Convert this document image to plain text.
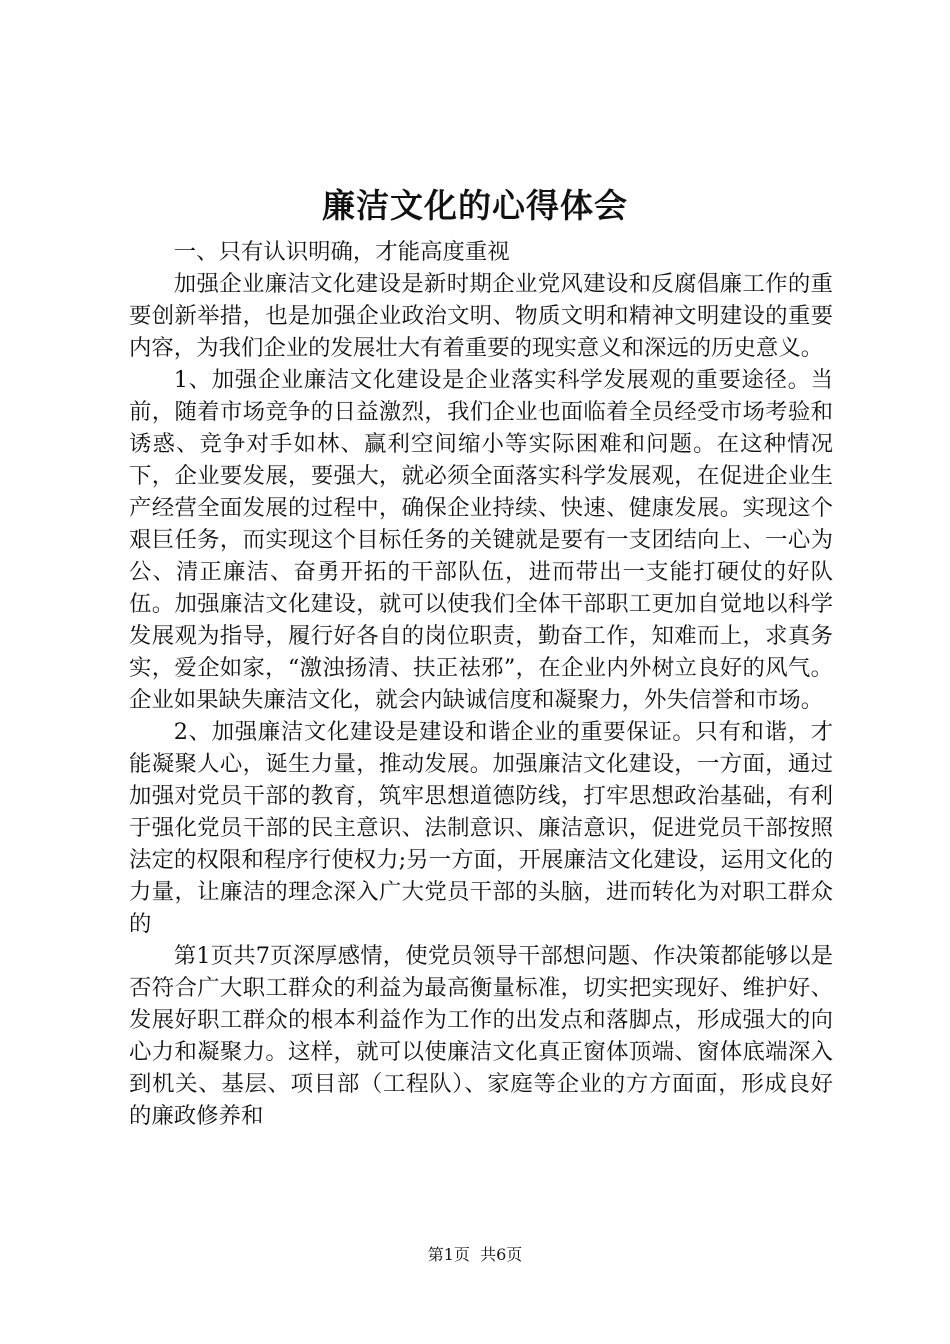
廉洁文化的心得体会

一、只有认识明确，才能高度重视

加强企业廉洁文化建设是新时期企业党风建设和反腐倡廉工作的重要创新举措，也是加强企业政治文明、物质文明和精神文明建设的重要内容，为我们企业的发展壮大有着重要的现实意义和深远的历史意义。

1、加强企业廉洁文化建设是企业落实科学发展观的重要途径。当前，随着市场竞争的日益激烈，我们企业也面临着全员经受市场考验和诱惑、竞争对手如林、赢利空间缩小等实际困难和问题。在这种情况下，企业要发展，要强大，就必须全面落实科学发展观，在促进企业生产经营全面发展的过程中，确保企业持续、快速、健康发展。实现这个艰巨任务，而实现这个目标任务的关键就是要有一支团结向上、一心为公、清正廉洁、奋勇开拓的干部队伍，进而带出一支能打硬仗的好队伍。加强廉洁文化建设，就可以使我们全体干部职工更加自觉地以科学发展观为指导，履行好各自的岗位职责，勤奋工作，知难而上，求真务实，爱企如家，“激浊扬清、扶正祛邪”，在企业内外树立良好的风气。企业如果缺失廉洁文化，就会内缺诚信度和凝聚力，外失信誉和市场。

2、加强廉洁文化建设是建设和谐企业的重要保证。只有和谐，才能凝聚人心，诞生力量，推动发展。加强廉洁文化建设，一方面，通过加强对党员干部的教育，筑牢思想道德防线，打牢思想政治基础，有利于强化党员干部的民主意识、法制意识、廉洁意识，促进党员干部按照法定的权限和程序行使权力;另一方面，开展廉洁文化建设，运用文化的力量，让廉洁的理念深入广大党员干部的头脑，进而转化为对职工群众的

第1页共7页深厚感情，使党员领导干部想问题、作决策都能够以是否符合广大职工群众的利益为最高衡量标准，切实把实现好、维护好、发展好职工群众的根本利益作为工作的出发点和落脚点，形成强大的向心力和凝聚力。这样，就可以使廉洁文化真正窗体顶端、窗体底端深入到机关、基层、项目部（工程队）、家庭等企业的方方面面，形成良好的廉政修养和

第1页 共6页
